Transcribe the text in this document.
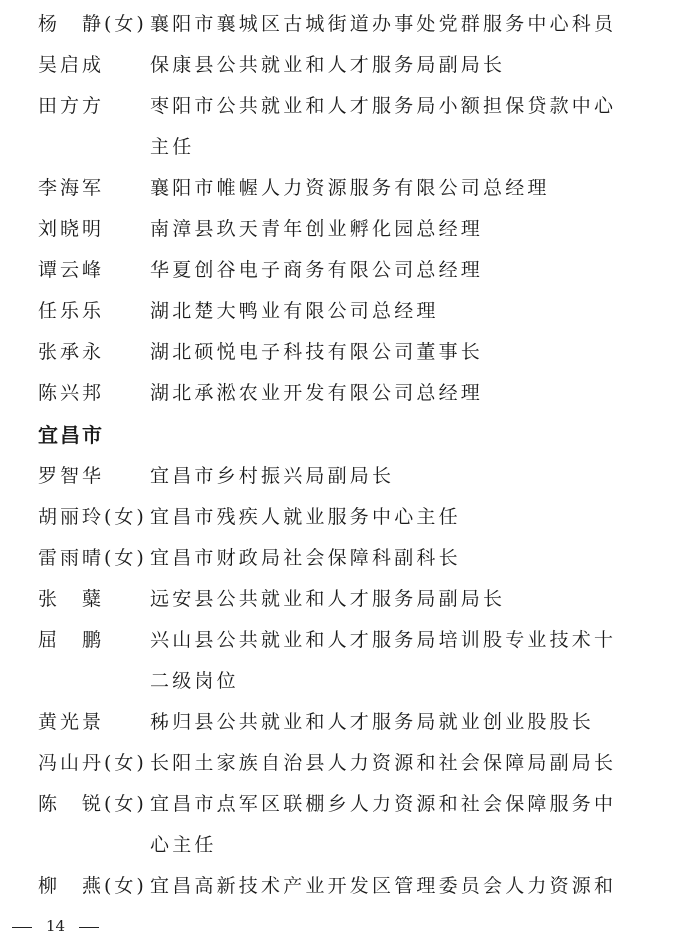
杨　静(女) 襄阳市襄城区古城街道办事处党群服务中心科员
吴启成 保康县公共就业和人才服务局副局长
田方方 枣阳市公共就业和人才服务局小额担保贷款中心
主任
李海军 襄阳市帷幄人力资源服务有限公司总经理
刘晓明 南漳县玖天青年创业孵化园总经理
谭云峰 华夏创谷电子商务有限公司总经理
任乐乐 湖北楚大鸭业有限公司总经理
张承永 湖北硕悦电子科技有限公司董事长
陈兴邦 湖北承淞农业开发有限公司总经理
宜昌市
罗智华 宜昌市乡村振兴局副局长
胡丽玲(女) 宜昌市残疾人就业服务中心主任
雷雨晴(女) 宜昌市财政局社会保障科副科长
张　糵 远安县公共就业和人才服务局副局长
屈　鹏 兴山县公共就业和人才服务局培训股专业技术十
二级岗位
黄光景 秭归县公共就业和人才服务局就业创业股股长
冯山丹(女) 长阳土家族自治县人力资源和社会保障局副局长
陈　锐(女) 宜昌市点军区联棚乡人力资源和社会保障服务中
心主任
柳　燕(女) 宜昌高新技术产业开发区管理委员会人力资源和
14
